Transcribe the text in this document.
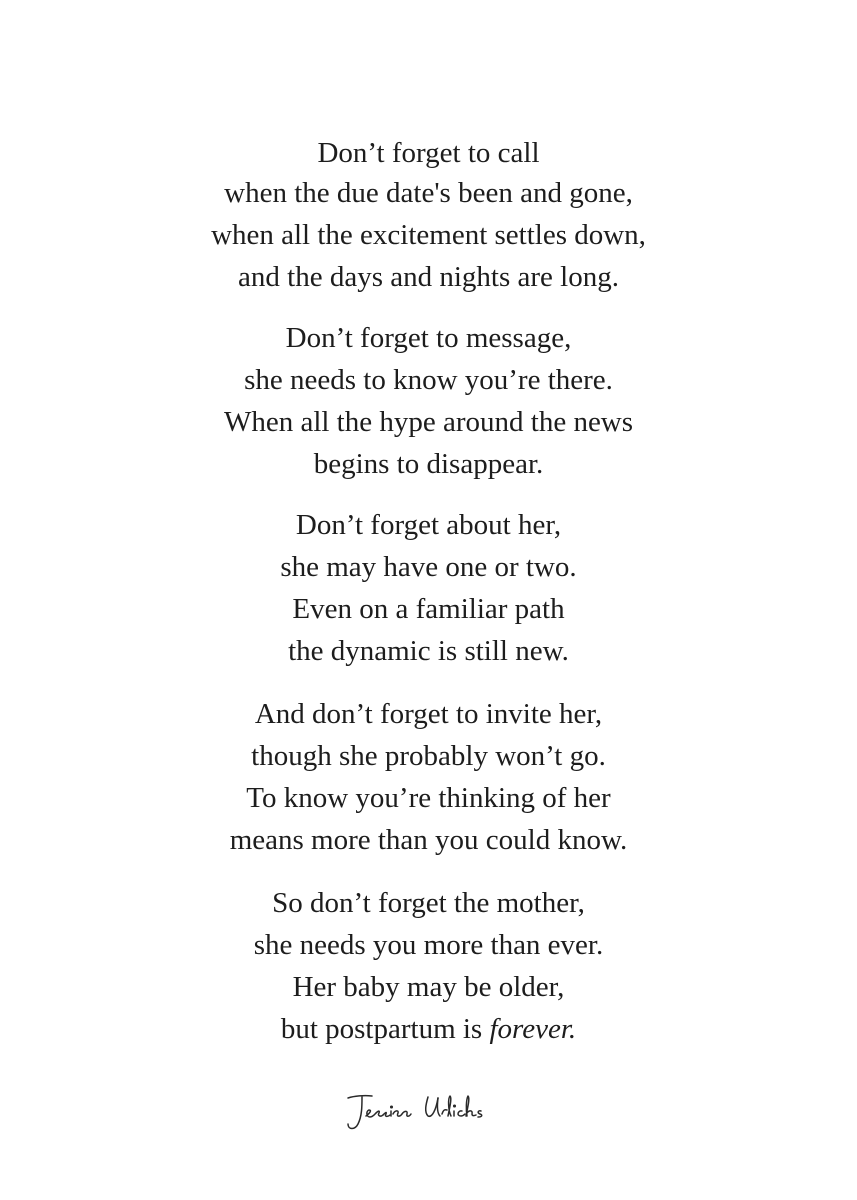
Don’t forget to call
when the due date's been and gone,
when all the excitement settles down,
and the days and nights are long.
Don’t forget to message,
she needs to know you’re there.
When all the hype around the news
begins to disappear.
Don’t forget about her,
she may have one or two.
Even on a familiar path
the dynamic is still new.
And don’t forget to invite her,
though she probably won’t go.
To know you’re thinking of her
means more than you could know.
So don’t forget the mother,
she needs you more than ever.
Her baby may be older,
but postpartum is forever.
